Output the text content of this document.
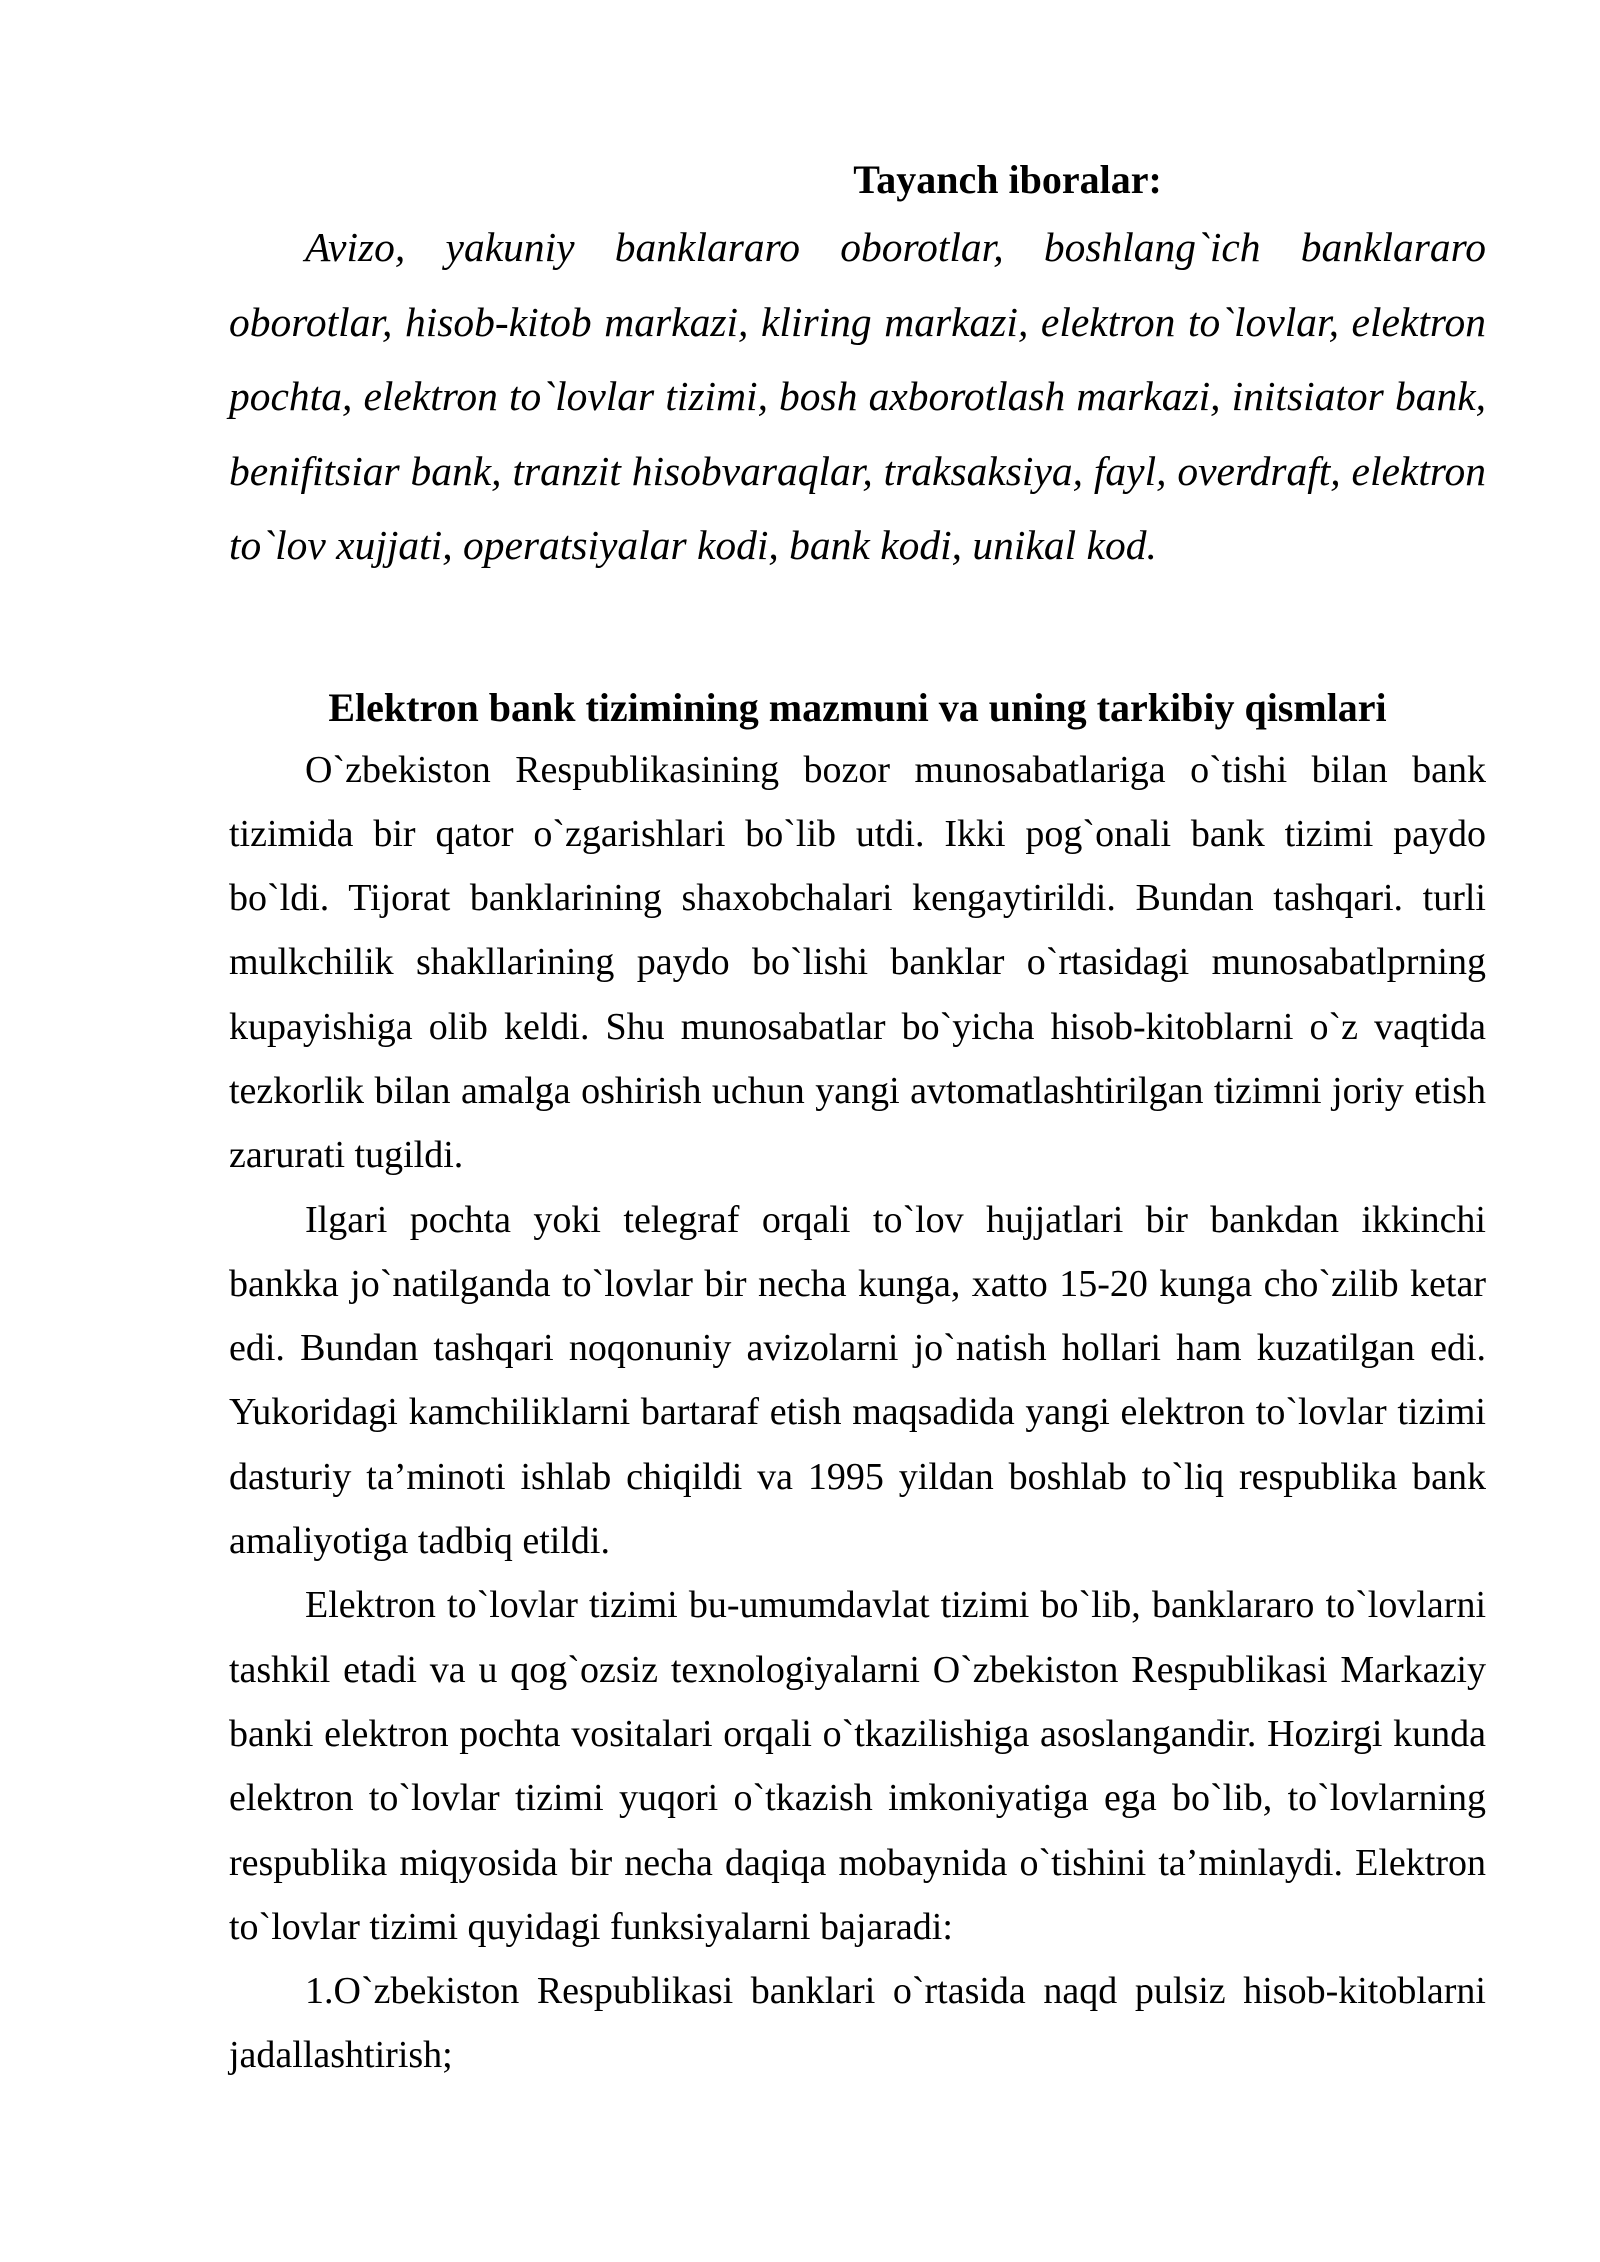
Tayanch iboralar:

Avizo, yakuniy banklararo oborotlar, boshlang`ich banklararo oborotlar, hisob-kitob markazi, kliring markazi, elektron to`lovlar, elektron pochta, elektron to`lovlar tizimi, bosh axborotlash markazi, initsiator bank, benifitsiar bank, tranzit hisobvaraqlar, traksaksiya, fayl, overdraft, elektron to`lov xujjati, operatsiyalar kodi, bank kodi, unikal kod.

Elektron bank tizimining mazmuni va uning tarkibiy qismlari

O`zbekiston Respublikasining bozor munosabatlariga o`tishi bilan bank tizimida bir qator o`zgarishlari bo`lib utdi. Ikki pog`onali bank tizimi paydo bo`ldi. Tijorat banklarining shaxobchalari kengaytirildi. Bundan tashqari. turli mulkchilik shakllarining paydo bo`lishi banklar o`rtasidagi munosabatlprning kupayishiga olib keldi. Shu munosabatlar bo`yicha hisob-kitoblarni o`z vaqtida tezkorlik bilan amalga oshirish uchun yangi avtomatlashtirilgan tizimni joriy etish zarurati tugildi.

Ilgari pochta yoki telegraf orqali to`lov hujjatlari bir bankdan ikkinchi bankka jo`natilganda to`lovlar bir necha kunga, xatto 15-20 kunga cho`zilib ketar edi. Bundan tashqari noqonuniy avizolarni jo`natish hollari ham kuzatilgan edi. Yukoridagi kamchiliklarni bartaraf etish maqsadida yangi elektron to`lovlar tizimi dasturiy ta’minoti ishlab chiqildi va 1995 yildan boshlab to`liq respublika bank amaliyotiga tadbiq etildi.

Elektron to`lovlar tizimi bu-umumdavlat tizimi bo`lib, banklararo to`lovlarni tashkil etadi va u qog`ozsiz texnologiyalarni O`zbekiston Respublikasi Markaziy banki elektron pochta vositalari orqali o`tkazilishiga asoslangandir. Hozirgi kunda elektron to`lovlar tizimi yuqori o`tkazish imkoniyatiga ega bo`lib, to`lovlarning respublika miqyosida bir necha daqiqa mobaynida o`tishini ta’minlaydi. Elektron to`lovlar tizimi quyidagi funksiyalarni bajaradi:

1.O`zbekiston Respublikasi banklari o`rtasida naqd pulsiz hisob-kitoblarni jadallashtirish;
